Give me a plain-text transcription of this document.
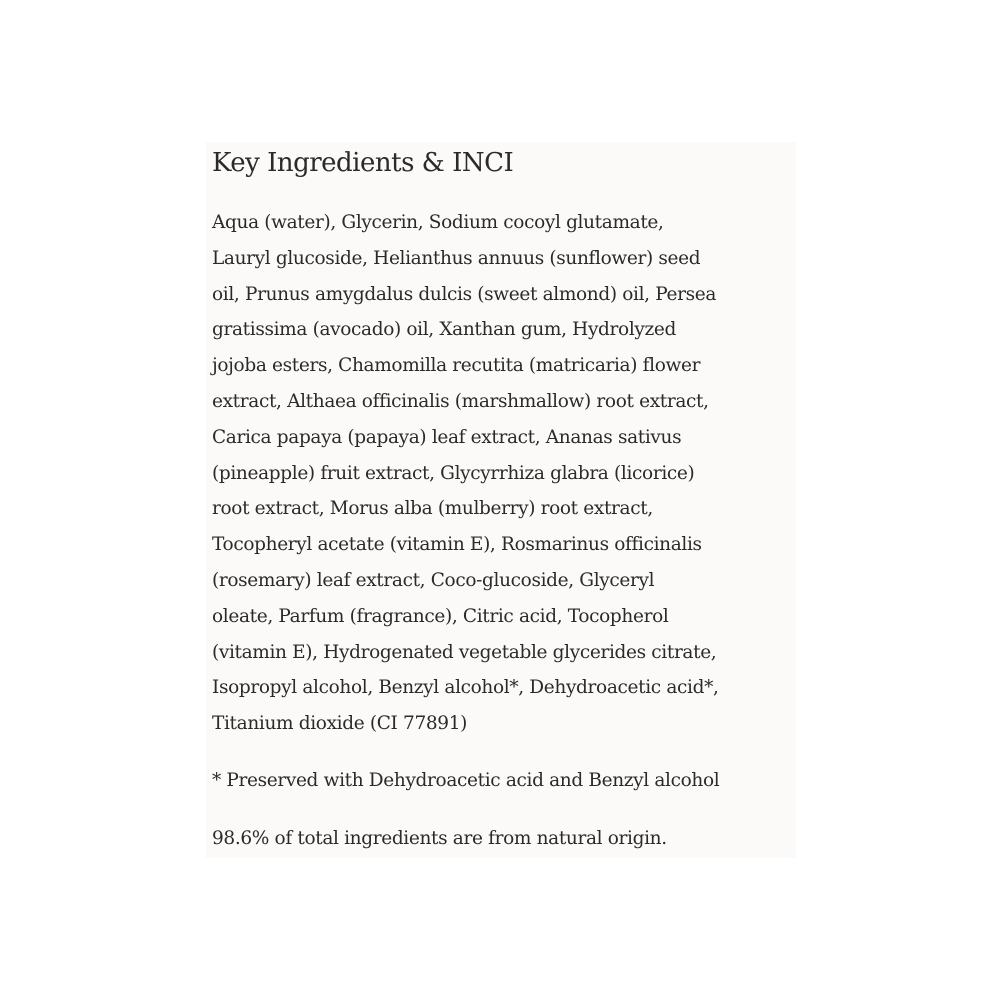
Key Ingredients & INCI

Aqua (water), Glycerin, Sodium cocoyl glutamate,
Lauryl glucoside, Helianthus annuus (sunflower) seed
oil, Prunus amygdalus dulcis (sweet almond) oil, Persea
gratissima (avocado) oil, Xanthan gum, Hydrolyzed
jojoba esters, Chamomilla recutita (matricaria) flower
extract, Althaea officinalis (marshmallow) root extract,
Carica papaya (papaya) leaf extract, Ananas sativus
(pineapple) fruit extract, Glycyrrhiza glabra (licorice)
root extract, Morus alba (mulberry) root extract,
Tocopheryl acetate (vitamin E), Rosmarinus officinalis
(rosemary) leaf extract, Coco-glucoside, Glyceryl
oleate, Parfum (fragrance), Citric acid, Tocopherol
(vitamin E), Hydrogenated vegetable glycerides citrate,
Isopropyl alcohol, Benzyl alcohol*, Dehydroacetic acid*,
Titanium dioxide (CI 77891)

* Preserved with Dehydroacetic acid and Benzyl alcohol

98.6% of total ingredients are from natural origin.
